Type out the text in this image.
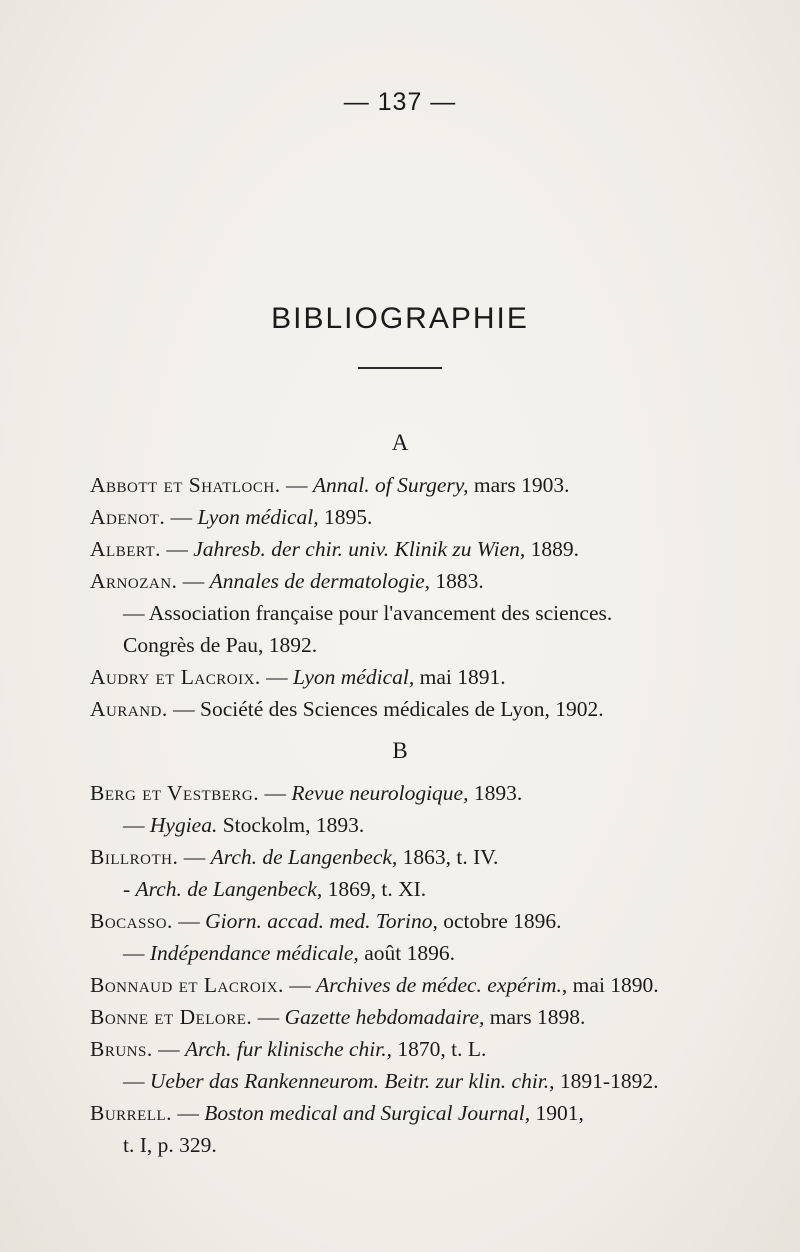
— 137 —
BIBLIOGRAPHIE
A
Abbott et Shatloch. — Annal. of Surgery, mars 1903.
Adenot. — Lyon médical, 1895.
Albert. — Jahresb. der chir. univ. Klinik zu Wien, 1889.
Arnozan. — Annales de dermatologie, 1883.
— Association française pour l'avancement des sciences.
Congrès de Pau, 1892.
Audry et Lacroix. — Lyon médical, mai 1891.
Aurand. — Société des Sciences médicales de Lyon, 1902.
B
Berg et Vestberg. — Revue neurologique, 1893.
— Hygiea. Stockolm, 1893.
Billroth. — Arch. de Langenbeck, 1863, t. IV.
- Arch. de Langenbeck, 1869, t. XI.
Bocasso. — Giorn. accad. med. Torino, octobre 1896.
— Indépendance médicale, août 1896.
Bonnaud et Lacroix. — Archives de médec. expérim., mai 1890.
Bonne et Delore. — Gazette hebdomadaire, mars 1898.
Bruns. — Arch. fur klinische chir., 1870, t. L.
— Ueber das Rankenneurom. Beitr. zur klin. chir., 1891-1892.
Burrell. — Boston medical and Surgical Journal, 1901,
t. I, p. 329.
